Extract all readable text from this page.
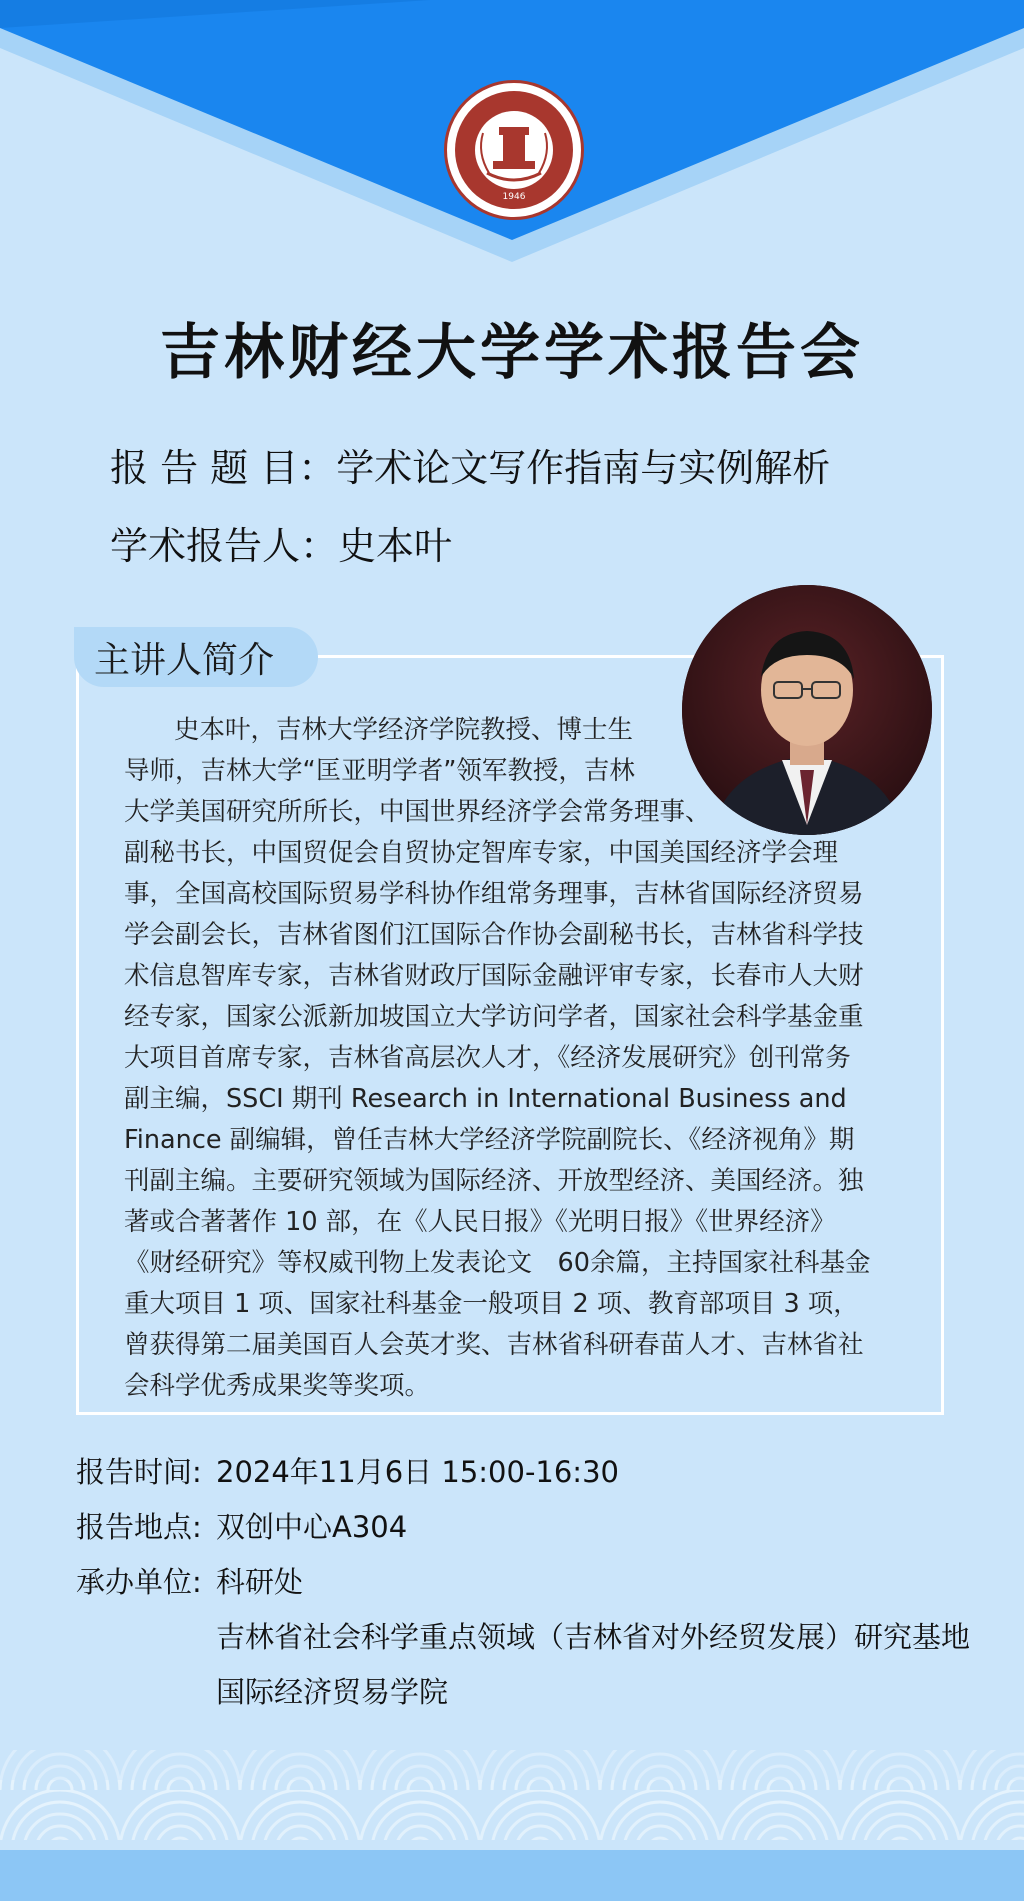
1946
吉林财经大学学术报告会
报 告 题 目：学术论文写作指南与实例解析
学术报告人：史本叶
主讲人简介
史本叶，吉林大学经济学院教授、博士生
导师，吉林大学“匡亚明学者”领军教授，吉林
大学美国研究所所长，中国世界经济学会常务理事、
副秘书长，中国贸促会自贸协定智库专家，中国美国经济学会理
事，全国高校国际贸易学科协作组常务理事，吉林省国际经济贸易
学会副会长，吉林省图们江国际合作协会副秘书长，吉林省科学技
术信息智库专家，吉林省财政厅国际金融评审专家，长春市人大财
经专家，国家公派新加坡国立大学访问学者，国家社会科学基金重
大项目首席专家，吉林省高层次人才，《经济发展研究》创刊常务
副主编，SSCI 期刊 Research in International Business and
Finance 副编辑，曾任吉林大学经济学院副院长、《经济视角》期
刊副主编。主要研究领域为国际经济、开放型经济、美国经济。独
著或合著著作 10 部，在《人民日报》《光明日报》《世界经济》
《财经研究》等权威刊物上发表论文　60余篇，主持国家社科基金
重大项目 1 项、国家社科基金一般项目 2 项、教育部项目 3 项，
曾获得第二届美国百人会英才奖、吉林省科研春苗人才、吉林省社
会科学优秀成果奖等奖项。
报告时间: 2024年11月6日 15:00-16:30
报告地点: 双创中心A304
承办单位: 科研处
吉林省社会科学重点领域（吉林省对外经贸发展）研究基地
国际经济贸易学院
